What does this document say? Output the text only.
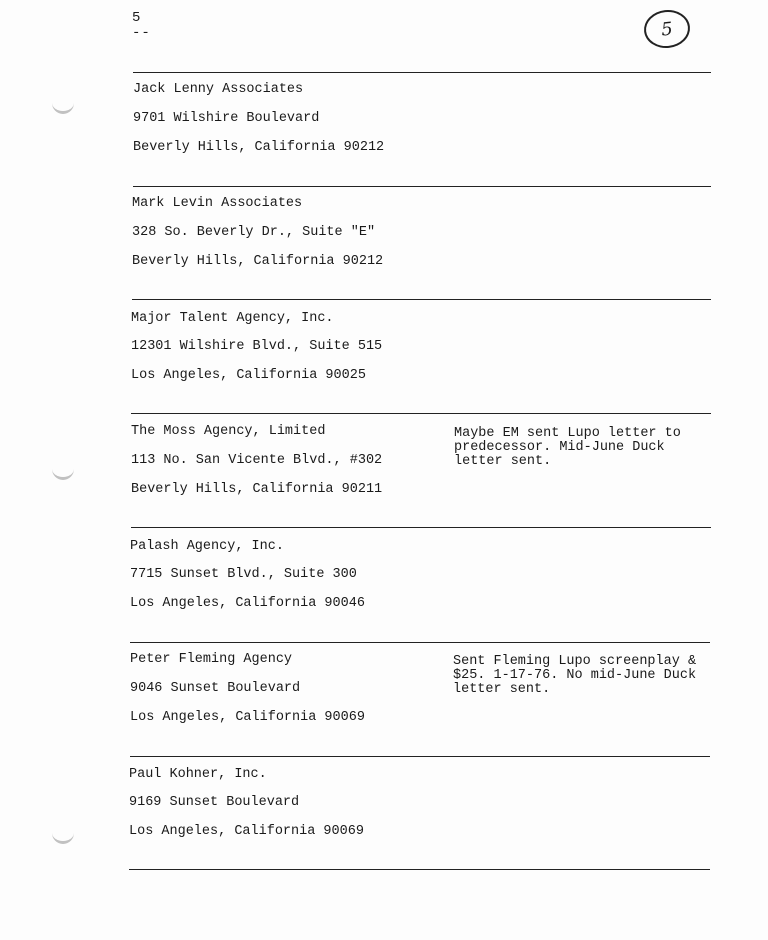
5
--	5
Jack Lenny Associates
9701 Wilshire Boulevard
Beverly Hills, California 90212
Mark Levin Associates
328 So. Beverly Dr., Suite "E"
Beverly Hills, California 90212
Major Talent Agency, Inc.
12301 Wilshire Blvd., Suite 515
Los Angeles, California 90025
The Moss Agency, Limited
113 No. San Vicente Blvd., #302
Beverly Hills, California 90211
Maybe EM sent Lupo letter to predecessor. Mid-June Duck letter sent.
Palash Agency, Inc.
7715 Sunset Blvd., Suite 300
Los Angeles, California 90046
Peter Fleming Agency
9046 Sunset Boulevard
Los Angeles, California 90069
Sent Fleming Lupo screenplay & $25. 1-17-76. No mid-June Duck letter sent.
Paul Kohner, Inc.
9169 Sunset Boulevard
Los Angeles, California 90069
